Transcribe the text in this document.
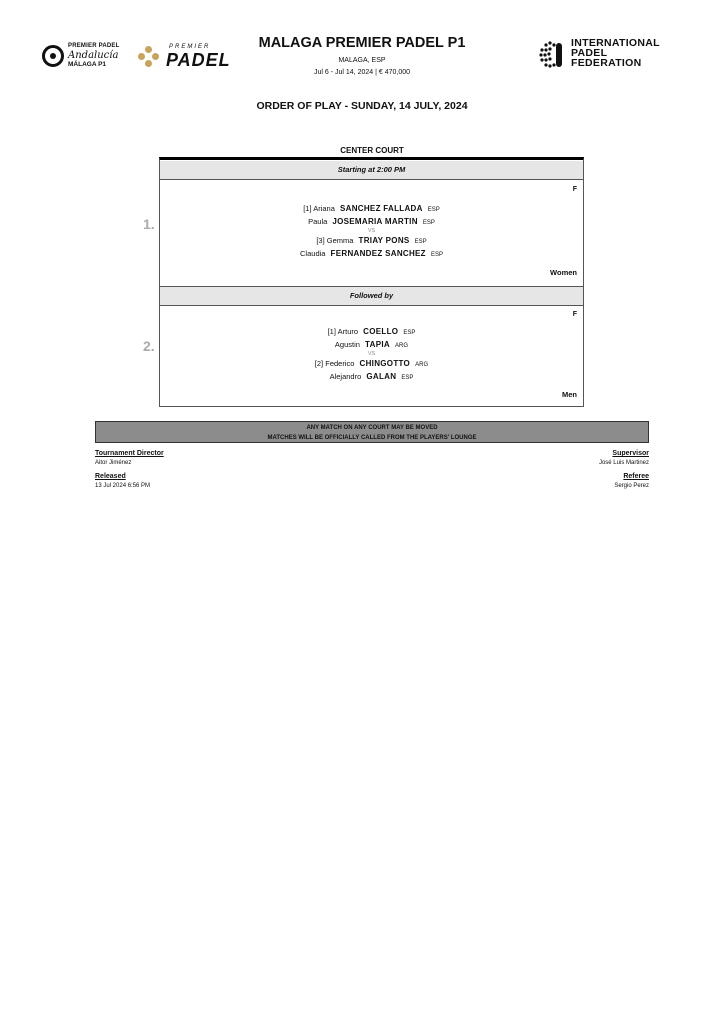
PREMIER PADEL
Andalucía
MÁLAGA P1
PREMIER
PADEL
MALAGA PREMIER PADEL P1
MALAGA, ESP
Jul 6 - Jul 14, 2024 | € 470,000
INTERNATIONAL
PADEL
FEDERATION
ORDER OF PLAY - SUNDAY, 14 JULY, 2024
CENTER COURT
Starting at 2:00 PM
1.
F
[1] Ariana SANCHEZ FALLADA ESP
Paula JOSEMARIA MARTIN ESP
VS
[3] Gemma TRIAY PONS ESP
Claudia FERNANDEZ SANCHEZ ESP
Women
Followed by
2.
F
[1] Arturo COELLO ESP
Agustin TAPIA ARG
VS
[2] Federico CHINGOTTO ARG
Alejandro GALAN ESP
Men
ANY MATCH ON ANY COURT MAY BE MOVED
MATCHES WILL BE OFFICIALLY CALLED FROM THE PLAYERS' LOUNGE
Tournament Director
Aitor Jiménez
Released
13 Jul 2024 6:56 PM
Supervisor
José Luis Martinez
Referee
Sergio Perez
